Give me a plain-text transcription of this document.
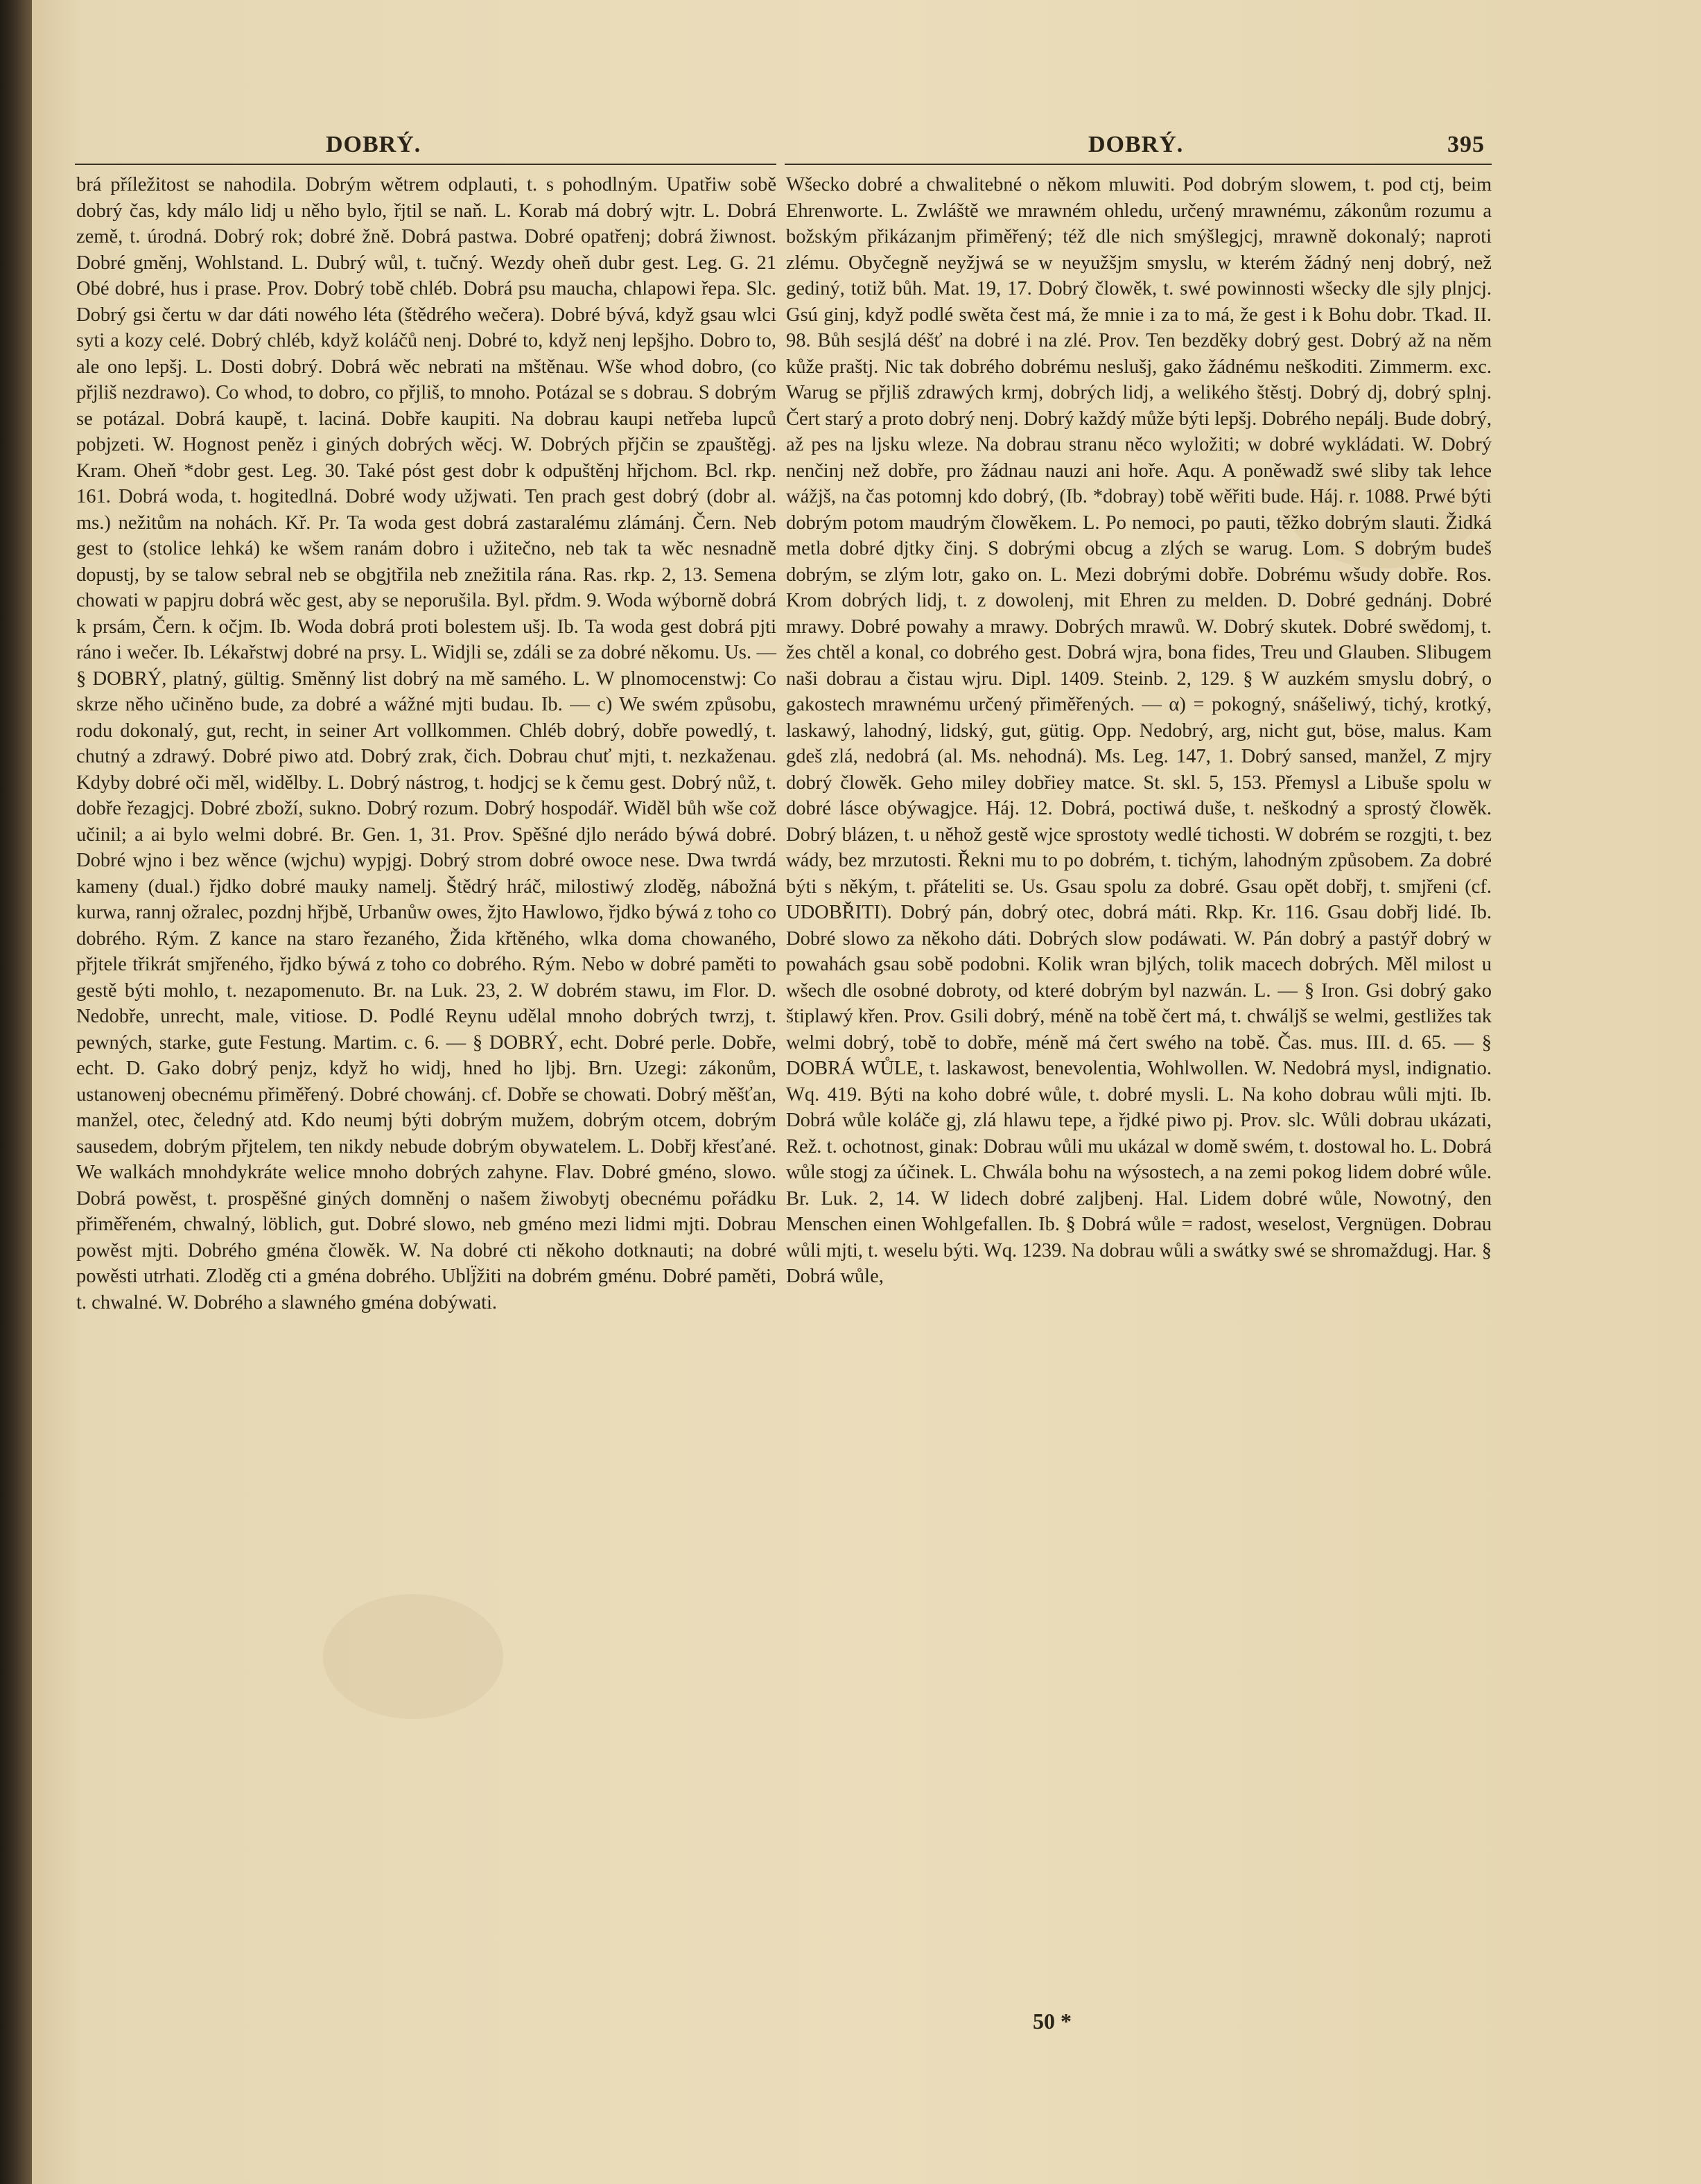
DOBRÝ.	DOBRÝ.	395
brá příležitost se nahodila. Dobrým wětrem odplauti, t. s pohodlným. Upatřiw sobě dobrý čas, kdy málo lidj u něho bylo, řjtil se naň. L. Korab má dobrý wjtr. L. Dobrá země, t. úrodná. Dobrý rok; dobré žně. Dobrá pastwa. Dobré opatřenj; dobrá žiwnost. Dobré gměnj, Wohlstand. L. Dubrý wůl, t. tučný. Wezdy oheň dubr gest. Leg. G. 21 Obé dobré, hus i prase. Prov. Dobrý tobě chléb. Dobrá psu maucha, chlapowi řepa. Slc. Dobrý gsi čertu w dar dáti nowého léta (štědrého wečera). Dobré bývá, když gsau wlci syti a kozy celé. Dobrý chléb, když koláčů nenj. Dobré to, když nenj lepšjho. Dobro to, ale ono lepšj. L. Dosti dobrý. Dobrá wěc nebrati na mštěnau. Wše whod dobro, (co přjliš nezdrawo). Co whod, to dobro, co přjliš, to mnoho. Potázal se s dobrau. S dobrým se potázal. Dobrá kaupě, t. laciná. Dobře kaupiti. Na dobrau kaupi netřeba lupců pobjzeti. W. Hognost peněz i giných dobrých wěcj. W. Dobrých přjčin se zpauštěgj. Kram. Oheň *dobr gest. Leg. 30. Také póst gest dobr k odpuštěnj hřjchom. Bcl. rkp. 161. Dobrá woda, t. hogitedlná. Dobré wody užjwati. Ten prach gest dobrý (dobr al. ms.) nežitům na nohách. Kř. Pr. Ta woda gest dobrá zastaralému zlámánj. Čern. Neb gest to (stolice lehká) ke wšem ranám dobro i užitečno, neb tak ta wěc nesnadně dopustj, by se talow sebral neb se obgjtřila neb znežitila rána. Ras. rkp. 2, 13. Semena chowati w papjru dobrá wěc gest, aby se neporušila. Byl. přdm. 9. Woda wýborně dobrá k prsám, Čern. k očjm. Ib. Woda dobrá proti bolestem ušj. Ib. Ta woda gest dobrá pjti ráno i wečer. Ib. Lékařstwj dobré na prsy. L. Widjli se, zdáli se za dobré někomu. Us. — § DOBRÝ, platný, gültig. Směnný list dobrý na mě samého. L. W plnomocenstwj: Co skrze něho učiněno bude, za dobré a wážné mjti budau. Ib. — c) We swém způsobu, rodu dokonalý, gut, recht, in seiner Art vollkommen. Chléb dobrý, dobře powedlý, t. chutný a zdrawý. Dobré piwo atd. Dobrý zrak, čich. Dobrau chuť mjti, t. nezkaženau. Kdyby dobré oči měl, widělby. L. Dobrý nástrog, t. hodjcj se k čemu gest. Dobrý nůž, t. dobře řezagjcj. Dobré zboží, sukno. Dobrý rozum. Dobrý hospodář. Widěl bůh wše což učinil; a ai bylo welmi dobré. Br. Gen. 1, 31. Prov. Spěšné djlo nerádo býwá dobré. Dobré wjno i bez wěnce (wjchu) wypjgj. Dobrý strom dobré owoce nese. Dwa twrdá kameny (dual.) řjdko dobré mauky namelj. Štědrý hráč, milostiwý zloděg, nábožná kurwa, rannj ožralec, pozdnj hřjbě, Urbanůw owes, žjto Hawlowo, řjdko býwá z toho co dobrého. Rým. Z kance na staro řezaného, Žida křtěného, wlka doma chowaného, přjtele třikrát smjřeného, řjdko býwá z toho co dobrého. Rým. Nebo w dobré paměti to gestě býti mohlo, t. nezapomenuto. Br. na Luk. 23, 2. W dobrém stawu, im Flor. D. Nedobře, unrecht, male, vitiose. D. Podlé Reynu udělal mnoho dobrých twrzj, t. pewných, starke, gute Festung. Martim. c. 6. — § DOBRÝ, echt. Dobré perle. Dobře, echt. D. Gako dobrý penjz, když ho widj, hned ho ljbj. Brn. Uzegi: zákonům, ustanowenj obecnému přiměřený. Dobré chowánj. cf. Dobře se chowati. Dobrý měšťan, manžel, otec, čeledný atd. Kdo neumj býti dobrým mužem, dobrým otcem, dobrým sausedem, dobrým přjtelem, ten nikdy nebude dobrým obywatelem. L. Dobřj křesťané. We walkách mnohdykráte welice mnoho dobrých zahyne. Flav. Dobré gméno, slowo. Dobrá powěst, t. prospěšné giných domněnj o našem žiwobytj obecnému pořádku přiměřeném, chwalný, löblich, gut. Dobré slowo, neb gméno mezi lidmi mjti. Dobrau powěst mjti. Dobrého gména člowěk. W. Na dobré cti někoho dotknauti; na dobré powěsti utrhati. Zloděg cti a gména dobrého. Ublj̈žiti na dobrém gménu. Dobré paměti, t. chwalné. W. Dobrého a slawného gména dobýwati.
Wšecko dobré a chwalitebné o někom mluwiti. Pod dobrým slowem, t. pod ctj, beim Ehrenworte. L. Zwláště we mrawném ohledu, určený mrawnému, zákonům rozumu a božským přikázanjm přiměřený; též dle nich smýšlegjcj, mrawně dokonalý; naproti zlému. Obyčegně neyžjwá se w neyužšjm smyslu, w kterém žádný nenj dobrý, než gediný, totiž bůh. Mat. 19, 17. Dobrý člowěk, t. swé powinnosti wšecky dle sjly plnjcj. Gsú ginj, když podlé swěta čest má, že mnie i za to má, že gest i k Bohu dobr. Tkad. II. 98. Bůh sesjlá déšť na dobré i na zlé. Prov. Ten bezděky dobrý gest. Dobrý až na něm kůže praštj. Nic tak dobrého dobrému neslušj, gako žádnému neškoditi. Zimmerm. exc. Warug se přjliš zdrawých krmj, dobrých lidj, a welikého štěstj. Dobrý dj, dobrý splnj. Čert starý a proto dobrý nenj. Dobrý každý může býti lepšj. Dobrého nepálj. Bude dobrý, až pes na ljsku wleze. Na dobrau stranu něco wyložiti; w dobré wykládati. W. Dobrý nenčinj než dobře, pro žádnau nauzi ani hoře. Aqu. A poněwadž swé sliby tak lehce wážjš, na čas potomnj kdo dobrý, (Ib. *dobray) tobě wěřiti bude. Háj. r. 1088. Prwé býti dobrým potom maudrým člowěkem. L. Po nemoci, po pauti, těžko dobrým slauti. Židká metla dobré djtky činj. S dobrými obcug a zlých se warug. Lom. S dobrým budeš dobrým, se zlým lotr, gako on. L. Mezi dobrými dobře. Dobrému wšudy dobře. Ros. Krom dobrých lidj, t. z dowolenj, mit Ehren zu melden. D. Dobré gednánj. Dobré mrawy. Dobré powahy a mrawy. Dobrých mrawů. W. Dobrý skutek. Dobré swědomj, t. žes chtěl a konal, co dobrého gest. Dobrá wjra, bona fides, Treu und Glauben. Slibugem naši dobrau a čistau wjru. Dipl. 1409. Steinb. 2, 129. § W auzkém smyslu dobrý, o gakostech mrawnému určený přiměřených. — α) = pokogný, snášeliwý, tichý, krotký, laskawý, lahodný, lidský, gut, gütig. Opp. Nedobrý, arg, nicht gut, böse, malus. Kam gdeš zlá, nedobrá (al. Ms. nehodná). Ms. Leg. 147, 1. Dobrý sansed, manžel, Z mjry dobrý člowěk. Geho miley dobřiey matce. St. skl. 5, 153. Přemysl a Libuše spolu w dobré lásce obýwagjce. Háj. 12. Dobrá, poctiwá duše, t. neškodný a sprostý člowěk. Dobrý blázen, t. u něhož gestě wjce sprostoty wedlé tichosti. W dobrém se rozgjti, t. bez wády, bez mrzutosti. Řekni mu to po dobrém, t. tichým, lahodným způsobem. Za dobré býti s někým, t. přáteliti se. Us. Gsau spolu za dobré. Gsau opět dobřj, t. smjřeni (cf. UDOBŘITI). Dobrý pán, dobrý otec, dobrá máti. Rkp. Kr. 116. Gsau dobřj lidé. Ib. Dobré slowo za někoho dáti. Dobrých slow podáwati. W. Pán dobrý a pastýř dobrý w powahách gsau sobě podobni. Kolik wran bjlých, tolik macech dobrých. Měl milost u wšech dle osobné dobroty, od které dobrým byl nazwán. L. — § Iron. Gsi dobrý gako štiplawý křen. Prov. Gsili dobrý, méně na tobě čert má, t. chwáljš se welmi, gestližes tak welmi dobrý, tobě to dobře, méně má čert swého na tobě. Čas. mus. III. d. 65. — § DOBRÁ WŮLE, t. laskawost, benevolentia, Wohlwollen. W. Nedobrá mysl, indignatio. Wq. 419. Býti na koho dobré wůle, t. dobré mysli. L. Na koho dobrau wůli mjti. Ib. Dobrá wůle koláče gj, zlá hlawu tepe, a řjdké piwo pj. Prov. slc. Wůli dobrau ukázati, Rež. t. ochotnost, ginak: Dobrau wůli mu ukázal w domě swém, t. dostowal ho. L. Dobrá wůle stogj za účinek. L. Chwála bohu na wýsostech, a na zemi pokog lidem dobré wůle. Br. Luk. 2, 14. W lidech dobré zaljbenj. Hal. Lidem dobré wůle, Nowotný, den Menschen einen Wohlgefallen. Ib. § Dobrá wůle = radost, weselost, Vergnügen. Dobrau wůli mjti, t. weselu býti. Wq. 1239. Na dobrau wůli a swátky swé se shromaždugj. Har. § Dobrá wůle,
50 *
